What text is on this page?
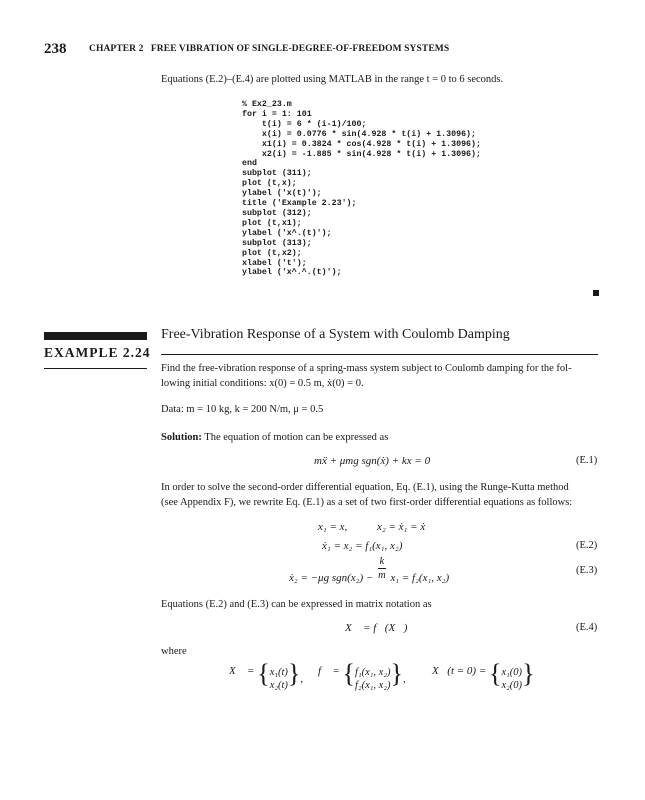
238 CHAPTER 2   FREE VIBRATION OF SINGLE-DEGREE-OF-FREEDOM SYSTEMS
Equations (E.2)–(E.4) are plotted using MATLAB in the range t = 0 to 6 seconds.
% Ex2_23.m
for i = 1: 101
t(i) = 6 * (i-1)/100;
x(i) = 0.0776 * sin(4.928 * t(i) + 1.3096);
x1(i) = 0.3824 * cos(4.928 * t(i) + 1.3096);
x2(i) = -1.885 * sin(4.928 * t(i) + 1.3096);
end
subplot (311);
plot (t,x);
ylabel ('x(t)');
title ('Example 2.23');
subplot (312);
plot (t,x1);
ylabel ('x^.(t)');
subplot (313);
plot (t,x2);
xlabel ('t');
ylabel ('x^.^.(t)');
EXAMPLE 2.24
Free-Vibration Response of a System with Coulomb Damping
Find the free-vibration response of a spring-mass system subject to Coulomb damping for the fol-
lowing initial conditions: x(0) = 0.5 m, ẋ(0) = 0.
Data: m = 10 kg, k = 200 N/m, μ = 0.5
Solution: The equation of motion can be expressed as
mẍ + μmg sgn(ẋ) + kx = 0	(E.1)
In order to solve the second-order differential equation, Eq. (E.1), using the Runge-Kutta method
(see Appendix F), we rewrite Eq. (E.1) as a set of two first-order differential equations as follows:
x₁ = x,	x₂ = ẋ₁ = ẋ
ẋ₁ = x₂ = f₁(x₁, x₂)	(E.2)
ẋ₂ = −μg $sgn(x_2) - \frac{k}{m} x_1 = f_2(x_1$, x₂)
(E.3)
Equations (E.2) and (E.3) can be expressed in matrix notation as
X⃗ = f⃗(X⃗)	(E.4)
where
X⃗ = { x₁(t)
x₂(t) },
f⃗ = { f₁(x₁, x₂)
f₂(x₁, x₂) },
X⃗(t = 0) = { x₁(0)
x₂(0) }
